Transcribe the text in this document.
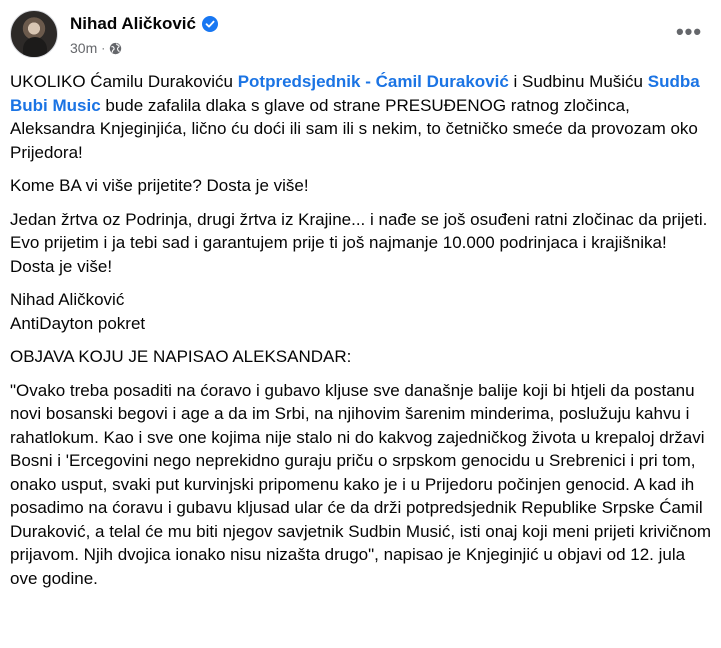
Nihad Aličković
30m ·
•••

UKOLIKO Ćamilu Durakoviću Potpredsjednik - Ćamil Duraković i Sudbinu Mušiću Sudba Bubi Music bude zafalila dlaka s glave od strane PRESUĐENOG ratnog zločinca, Aleksandra Knjeginjića, lično ću doći ili sam ili s nekim, to četničko smeće da provozam oko Prijedora!

Kome BA vi više prijetite? Dosta je više!

Jedan žrtva oz Podrinja, drugi žrtva iz Krajine... i nađe se još osuđeni ratni zločinac da prijeti. Evo prijetim i ja tebi sad i garantujem prije ti još najmanje 10.000 podrinjaca i krajišnika! Dosta je više!

Nihad Aličković
AntiDayton pokret

OBJAVA KOJU JE NAPISAO ALEKSANDAR:

"Ovako treba posaditi na ćoravo i gubavo kljuse sve današnje balije koji bi htjeli da postanu novi bosanski begovi i age a da im Srbi, na njihovim šarenim minderima, poslužuju kahvu i rahatlokum. Kao i sve one kojima nije stalo ni do kakvog zajedničkog života u krepaloj državi Bosni i 'Ercegovini nego neprekidno guraju priču o srpskom genocidu u Srebrenici i pri tom, onako usput, svaki put kurvinjski pripomenu kako je i u Prijedoru počinjen genocid. A kad ih posadimo na ćoravu i gubavu kljusad ular će da drži potpredsjednik Republike Srpske Ćamil Duraković, a telal će mu biti njegov savjetnik Sudbin Musić, isti onaj koji meni prijeti krivičnom prijavom. Njih dvojica ionako nisu nizašta drugo", napisao je Knjeginjić u objavi od 12. jula ove godine.
